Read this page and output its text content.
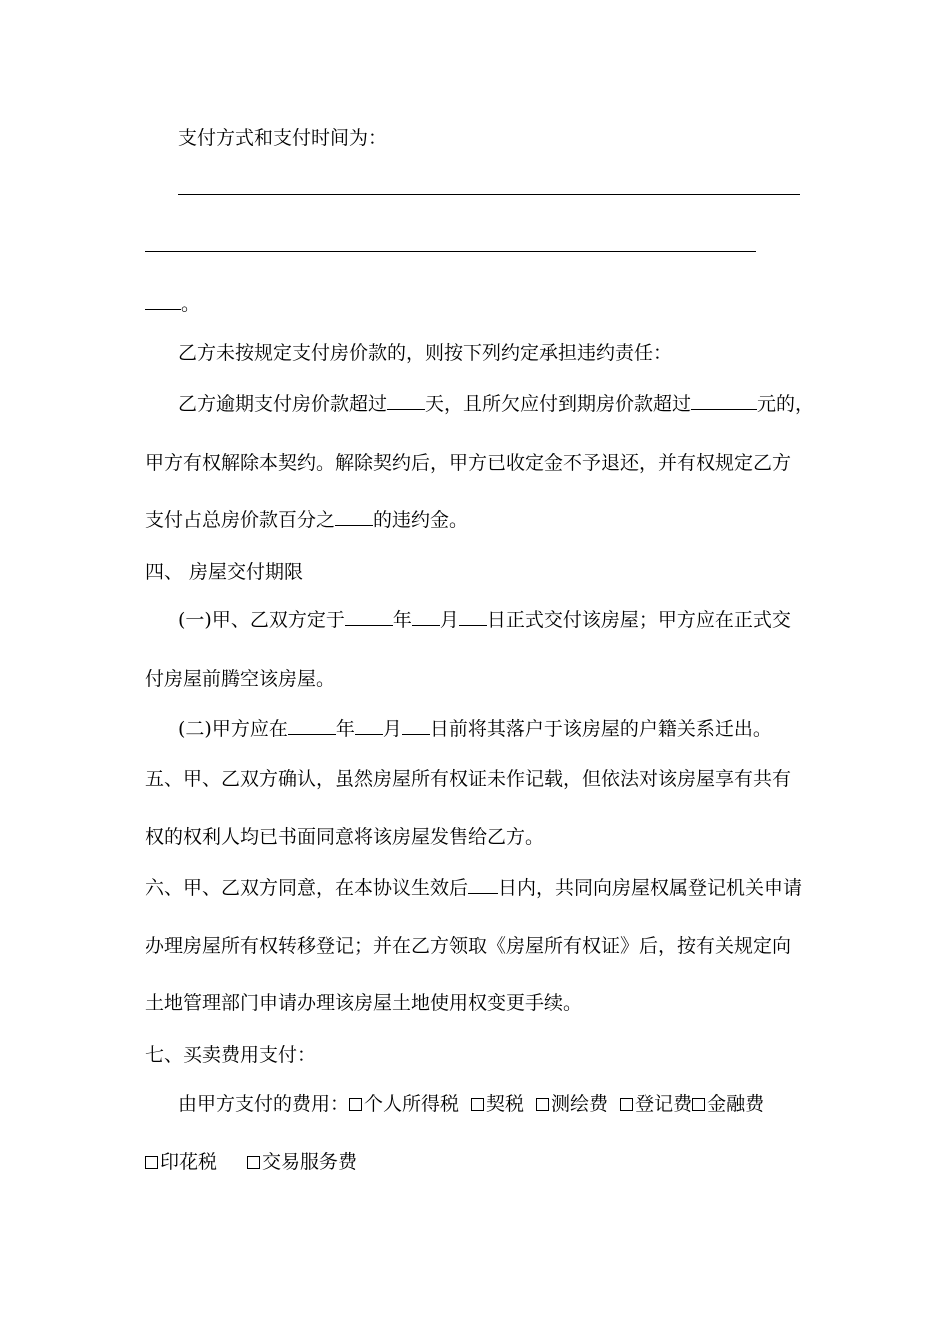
支付方式和支付时间为：
。
乙方未按规定支付房价款的，则按下列约定承担违约责任：
乙方逾期支付房价款超过 天，且所欠应付到期房价款超过	元的，
甲方有权解除本契约。解除契约后，甲方已收定金不予退还，并有权规定乙方
支付占总房价款百分之 的违约金。
四、 房屋交付期限
(一)甲、乙双方定于	年 月 日正式交付该房屋；甲方应在正式交
付房屋前腾空该房屋。
(二)甲方应在	年 月 日前将其落户于该房屋的户籍关系迁出。
五、甲、乙双方确认，虽然房屋所有权证未作记载，但依法对该房屋享有共有
权的权利人均已书面同意将该房屋发售给乙方。
六、甲、乙双方同意，在本协议生效后 日内，共同向房屋权属登记机关申请
办理房屋所有权转移登记；并在乙方领取《房屋所有权证》后，按有关规定向
土地管理部门申请办理该房屋土地使用权变更手续。
七、买卖费用支付：
由甲方支付的费用： 个人所得税 契税 测绘费 登记费 金融费
印花税 交易服务费
